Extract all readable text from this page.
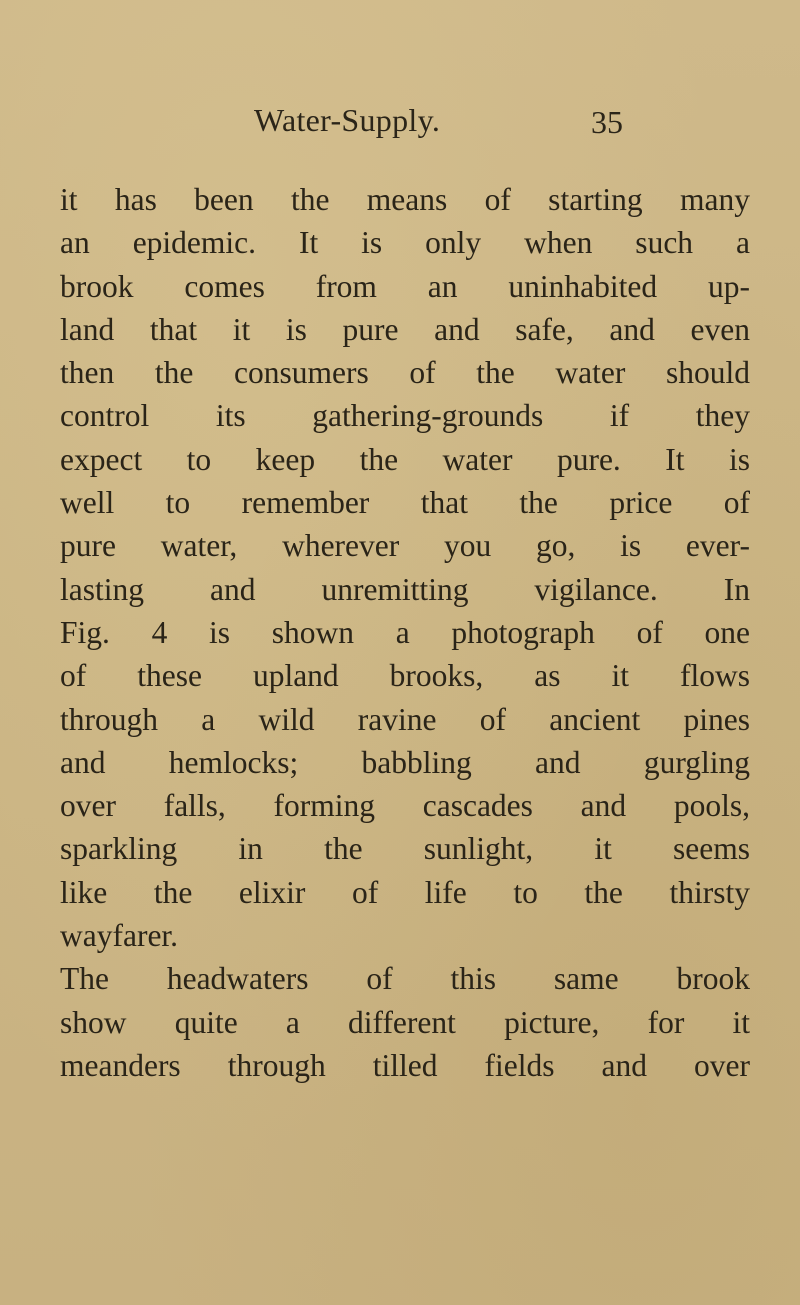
Water-Supply.	35
it has been the means of starting many
an epidemic. It is only when such a
brook comes from an uninhabited up-
land that it is pure and safe, and even
then the consumers of the water should
control its gathering-grounds if they
expect to keep the water pure. It is
well to remember that the price of
pure water, wherever you go, is ever-
lasting and unremitting vigilance. In
Fig. 4 is shown a photograph of one
of these upland brooks, as it flows
through a wild ravine of ancient pines
and hemlocks; babbling and gurgling
over falls, forming cascades and pools,
sparkling in the sunlight, it seems
like the elixir of life to the thirsty
wayfarer.
The headwaters of this same brook
show quite a different picture, for it
meanders through tilled fields and over
